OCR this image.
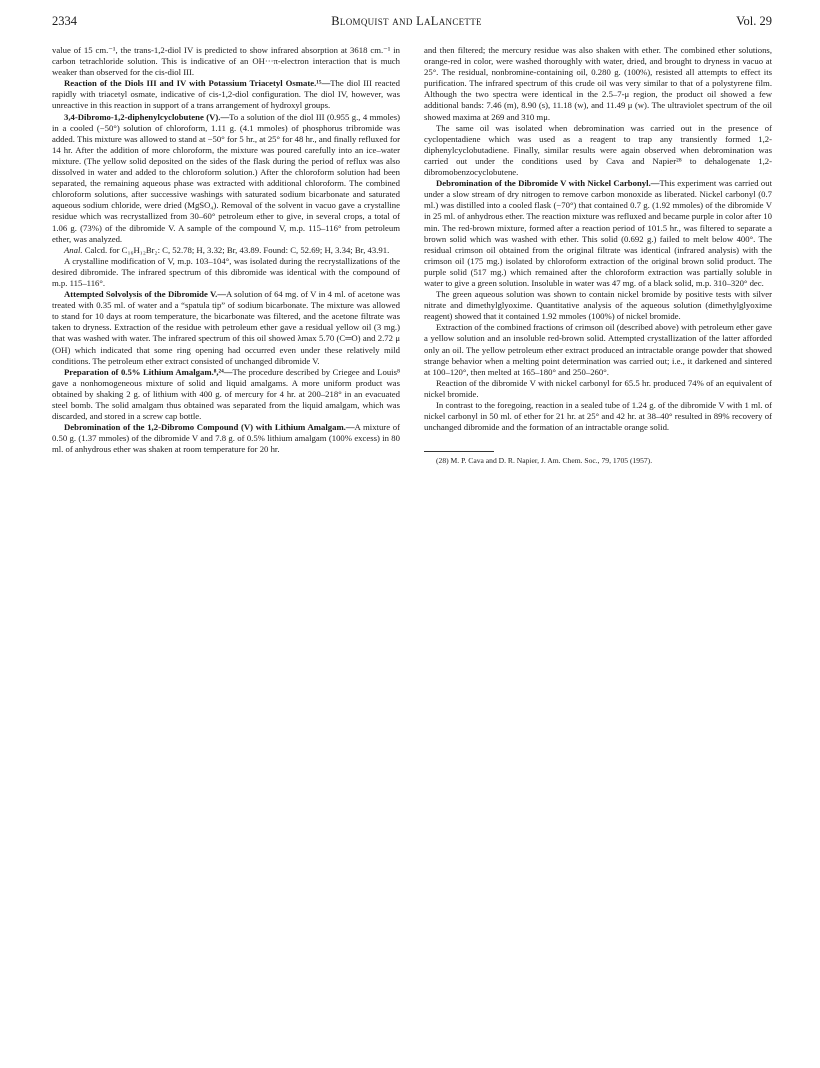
2334	Blomquist and LaLancette	Vol. 29

value of 15 cm.⁻¹, the trans-1,2-diol IV is predicted to show infrared absorption at 3618 cm.⁻¹ in carbon tetrachloride solution. This is indicative of an OH···π-electron interaction that is much weaker than observed for the cis-diol III.

Reaction of the Diols III and IV with Potassium Triacetyl Osmate.¹⁵—The diol III reacted rapidly with triacetyl osmate, indicative of cis-1,2-diol configuration. The diol IV, however, was unreactive in this reaction in support of a trans arrangement of hydroxyl groups.

3,4-Dibromo-1,2-diphenylcyclobutene (V).—To a solution of the diol III (0.955 g., 4 mmoles) in a cooled (−50°) solution of chloroform, 1.11 g. (4.1 mmoles) of phosphorus tribromide was added. This mixture was allowed to stand at −50° for 5 hr., at 25° for 48 hr., and finally refluxed for 14 hr. After the addition of more chloroform, the mixture was poured carefully into an ice–water mixture. (The yellow solid deposited on the sides of the flask during the period of reflux was also dissolved in water and added to the chloroform solution.) After the chloroform solution had been separated, the remaining aqueous phase was extracted with additional chloroform. The combined chloroform solutions, after successive washings with saturated sodium bicarbonate and saturated aqueous sodium chloride, were dried (MgSO₄). Removal of the solvent in vacuo gave a crystalline residue which was recrystallized from 30–60° petroleum ether to give, in several crops, a total of 1.06 g. (73%) of the dibromide V. A sample of the compound V, m.p. 115–116° from petroleum ether, was analyzed.

Anal. Calcd. for C₁₆H₁₂Br₂: C, 52.78; H, 3.32; Br, 43.89. Found: C, 52.69; H, 3.34; Br, 43.91.

A crystalline modification of V, m.p. 103–104°, was isolated during the recrystallizations of the desired dibromide. The infrared spectrum of this dibromide was identical with the compound of m.p. 115–116°.

Attempted Solvolysis of the Dibromide V.—A solution of 64 mg. of V in 4 ml. of acetone was treated with 0.35 ml. of water and a “spatula tip” of sodium bicarbonate. The mixture was allowed to stand for 10 days at room temperature, the bicarbonate was filtered, and the acetone filtrate was taken to dryness. Extraction of the residue with petroleum ether gave a residual yellow oil (3 mg.) that was washed with water. The infrared spectrum of this oil showed λmax 5.70 (C═O) and 2.72 μ (OH) which indicated that some ring opening had occurred even under these relatively mild conditions. The petroleum ether extract consisted of unchanged dibromide V.

Preparation of 0.5% Lithium Amalgam.⁸,²⁴—The procedure described by Criegee and Louis⁸ gave a nonhomogeneous mixture of solid and liquid amalgams. A more uniform product was obtained by shaking 2 g. of lithium with 400 g. of mercury for 4 hr. at 200–218° in an evacuated steel bomb. The solid amalgam thus obtained was separated from the liquid amalgam, which was discarded, and stored in a screw cap bottle.

Debromination of the 1,2-Dibromo Compound (V) with Lithium Amalgam.—A mixture of 0.50 g. (1.37 mmoles) of the dibromide V and 7.8 g. of 0.5% lithium amalgam (100% excess) in 80 ml. of anhydrous ether was shaken at room temperature for 20 hr.

and then filtered; the mercury residue was also shaken with ether. The combined ether solutions, orange-red in color, were washed thoroughly with water, dried, and brought to dryness in vacuo at 25°. The residual, nonbromine-containing oil, 0.280 g. (100%), resisted all attempts to effect its purification. The infrared spectrum of this crude oil was very similar to that of a polystyrene film. Although the two spectra were identical in the 2.5–7-μ region, the product oil showed a few additional bands: 7.46 (m), 8.90 (s), 11.18 (w), and 11.49 μ (w). The ultraviolet spectrum of the oil showed maxima at 269 and 310 mμ.

The same oil was isolated when debromination was carried out in the presence of cyclopentadiene which was used as a reagent to trap any transiently formed 1,2-diphenylcyclobutadiene. Finally, similar results were again observed when debromination was carried out under the conditions used by Cava and Napier²⁸ to dehalogenate 1,2-dibromobenzocyclobutene.

Debromination of the Dibromide V with Nickel Carbonyl.—This experiment was carried out under a slow stream of dry nitrogen to remove carbon monoxide as liberated. Nickel carbonyl (0.7 ml.) was distilled into a cooled flask (−70°) that contained 0.7 g. (1.92 mmoles) of the dibromide V in 25 ml. of anhydrous ether. The reaction mixture was refluxed and became purple in color after 10 min. The red-brown mixture, formed after a reaction period of 101.5 hr., was filtered to separate a brown solid which was washed with ether. This solid (0.692 g.) failed to melt below 400°. The residual crimson oil obtained from the original filtrate was identical (infrared analysis) with the crimson oil (175 mg.) isolated by chloroform extraction of the original brown solid product. The purple solid (517 mg.) which remained after the chloroform extraction was partially soluble in water to give a green solution. Insoluble in water was 47 mg. of a black solid, m.p. 310–320° dec.

The green aqueous solution was shown to contain nickel bromide by positive tests with silver nitrate and dimethylglyoxime. Quantitative analysis of the aqueous solution (dimethylglyoxime reagent) showed that it contained 1.92 mmoles (100%) of nickel bromide.

Extraction of the combined fractions of crimson oil (described above) with petroleum ether gave a yellow solution and an insoluble red-brown solid. Attempted crystallization of the latter afforded only an oil. The yellow petroleum ether extract produced an intractable orange powder that showed strange behavior when a melting point determination was carried out; i.e., it darkened and sintered at 100–120°, then melted at 165–180° and 250–260°.

Reaction of the dibromide V with nickel carbonyl for 65.5 hr. produced 74% of an equivalent of nickel bromide.

In contrast to the foregoing, reaction in a sealed tube of 1.24 g. of the dibromide V with 1 ml. of nickel carbonyl in 50 ml. of ether for 21 hr. at 25° and 42 hr. at 38–40° resulted in 89% recovery of unchanged dibromide and the formation of an intractable orange solid.

(28) M. P. Cava and D. R. Napier, J. Am. Chem. Soc., 79, 1705 (1957).
